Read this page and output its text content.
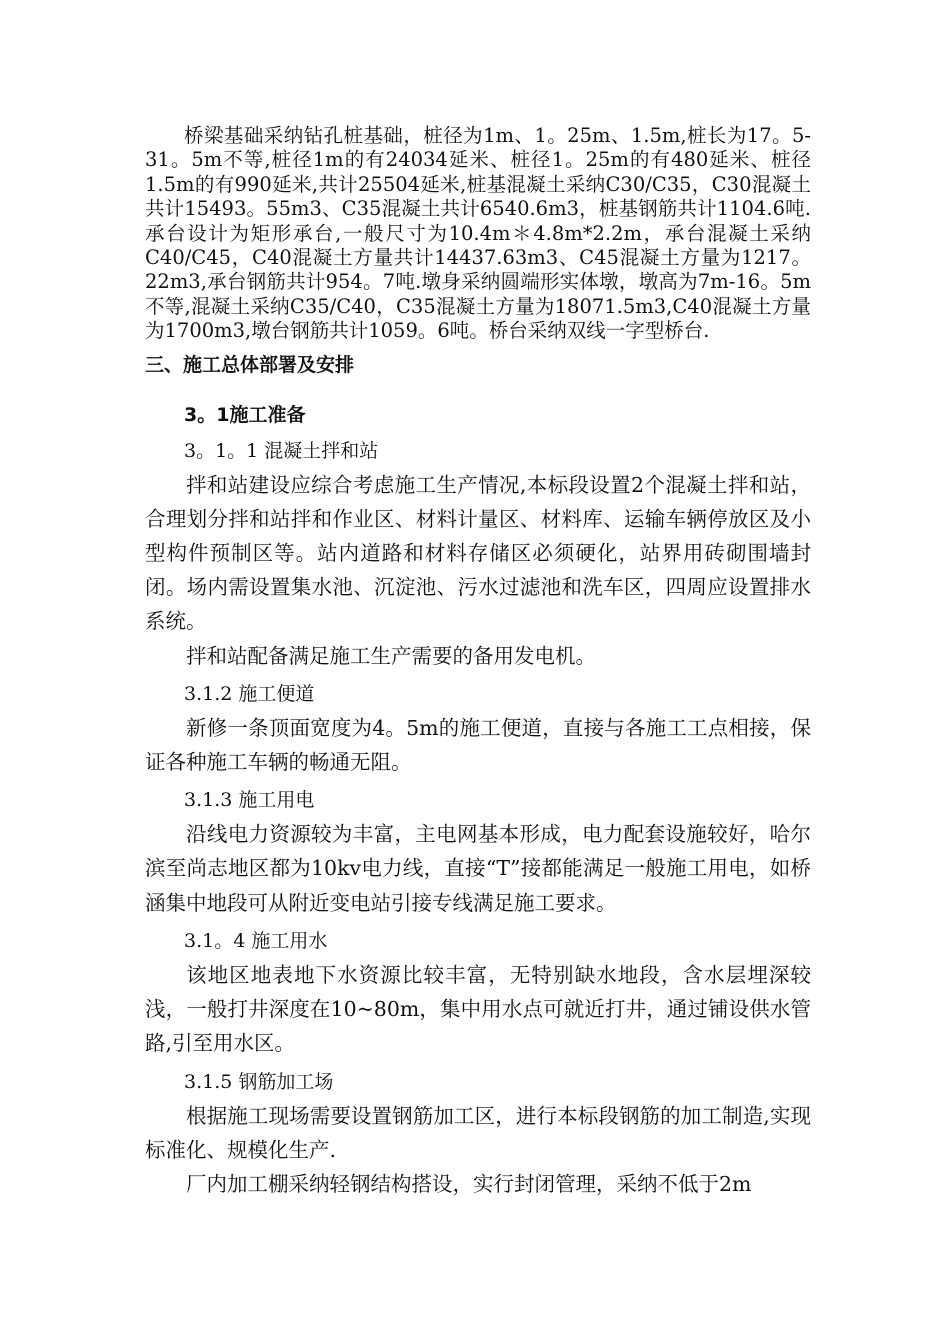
桥梁基础采纳钻孔桩基础，桩径为1m、1。25m、1.5m,桩长为17。5-31。5m不等,桩径1m的有24034延米、桩径1。25m的有480延米、桩径1.5m的有990延米,共计25504延米,桩基混凝土采纳C30/C35，C30混凝土共计15493。55m3、C35混凝土共计6540.6m3，桩基钢筋共计1104.6吨.承台设计为矩形承台,一般尺寸为10.4m＊4.8m*2.2m，承台混凝土采纳C40/C45，C40混凝土方量共计14437.63m3、C45混凝土方量为1217。22m3,承台钢筋共计954。7吨.墩身采纳圆端形实体墩，墩高为7m-16。5m不等,混凝土采纳C35/C40，C35混凝土方量为18071.5m3,C40混凝土方量为1700m3,墩台钢筋共计1059。6吨。桥台采纳双线一字型桥台.

三、施工总体部署及安排
3。1施工准备
3。1。1 混凝土拌和站

拌和站建设应综合考虑施工生产情况,本标段设置2个混凝土拌和站，合理划分拌和站拌和作业区、材料计量区、材料库、运输车辆停放区及小型构件预制区等。站内道路和材料存储区必须硬化，站界用砖砌围墙封闭。场内需设置集水池、沉淀池、污水过滤池和洗车区，四周应设置排水系统。

拌和站配备满足施工生产需要的备用发电机。

3.1.2 施工便道

新修一条顶面宽度为4。5m的施工便道，直接与各施工工点相接，保证各种施工车辆的畅通无阻。

3.1.3 施工用电

沿线电力资源较为丰富，主电网基本形成，电力配套设施较好，哈尔滨至尚志地区都为10kv电力线，直接“T”接都能满足一般施工用电，如桥涵集中地段可从附近变电站引接专线满足施工要求。

3.1。4 施工用水

该地区地表地下水资源比较丰富，无特别缺水地段，含水层埋深较浅，一般打井深度在10~80m，集中用水点可就近打井，通过铺设供水管路,引至用水区。

3.1.5 钢筋加工场

根据施工现场需要设置钢筋加工区，进行本标段钢筋的加工制造,实现标准化、规模化生产.

厂内加工棚采纳轻钢结构搭设，实行封闭管理，采纳不低于2m
